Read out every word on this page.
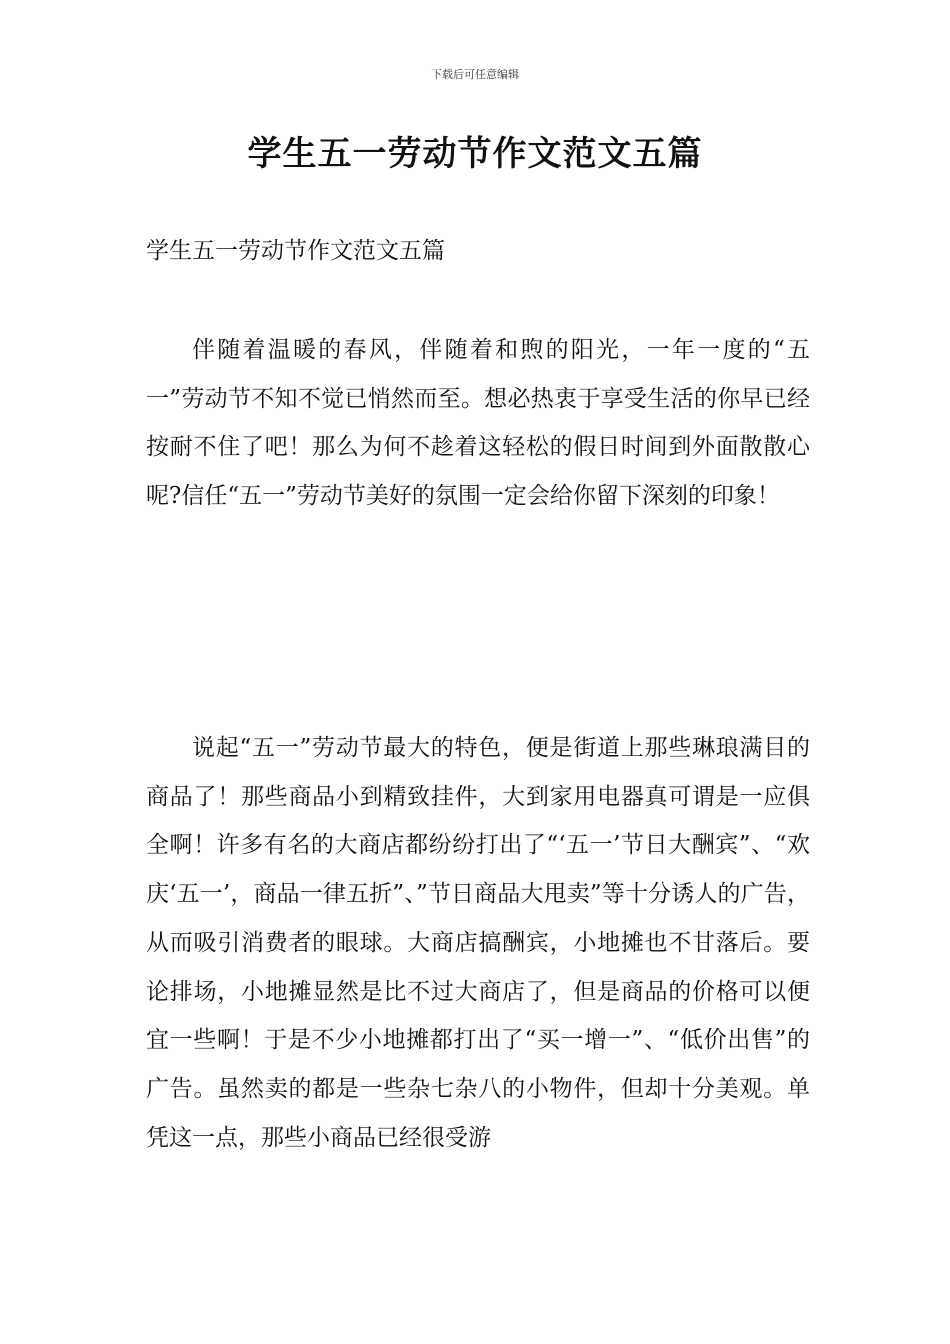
下载后可任意编辑
学生五一劳动节作文范文五篇

学生五一劳动节作文范文五篇

伴随着温暖的春风，伴随着和煦的阳光，一年一度的“五一”劳动节不知不觉已悄然而至。想必热衷于享受生活的你早已经按耐不住了吧！那么为何不趁着这轻松的假日时间到外面散散心呢?信任“五一”劳动节美好的氛围一定会给你留下深刻的印象！

说起“五一”劳动节最大的特色，便是街道上那些琳琅满目的商品了！那些商品小到精致挂件，大到家用电器真可谓是一应俱全啊！许多有名的大商店都纷纷打出了“‘五一’节日大酬宾”、“欢庆‘五一’，商品一律五折”、”节日商品大甩卖”等十分诱人的广告，从而吸引消费者的眼球。大商店搞酬宾，小地摊也不甘落后。要论排场，小地摊显然是比不过大商店了，但是商品的价格可以便宜一些啊！于是不少小地摊都打出了“买一增一”、“低价出售”的广告。虽然卖的都是一些杂七杂八的小物件，但却十分美观。单凭这一点，那些小商品已经很受游
